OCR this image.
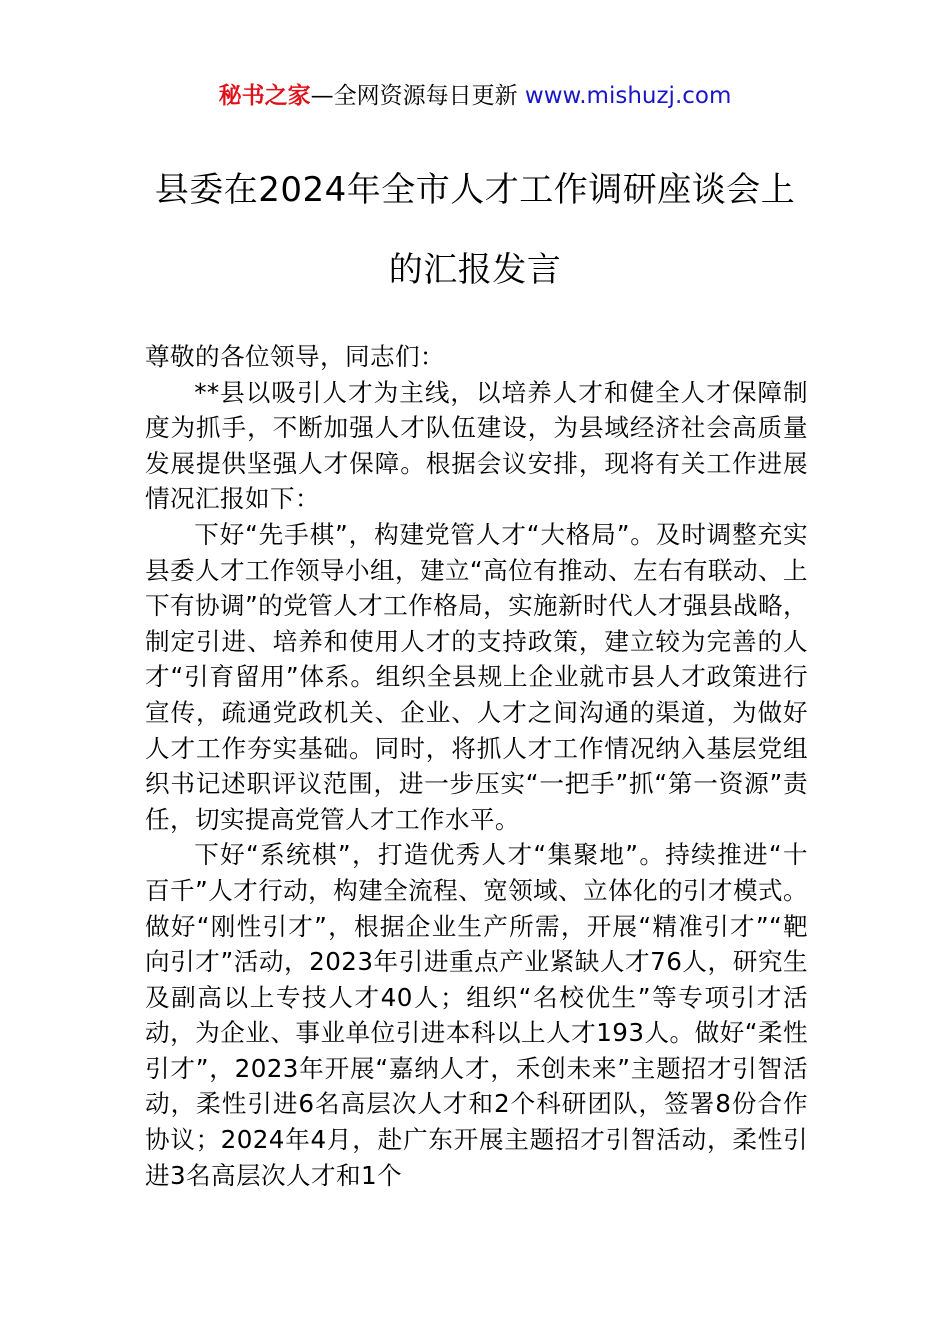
秘书之家—全网资源每日更新 www.mishuzj.com
县委在2024年全市人才工作调研座谈会上
的汇报发言

尊敬的各位领导，同志们：

**县以吸引人才为主线，以培养人才和健全人才保障制度为抓手，不断加强人才队伍建设，为县域经济社会高质量发展提供坚强人才保障。根据会议安排，现将有关工作进展情况汇报如下：

下好“先手棋”，构建党管人才“大格局”。及时调整充实县委人才工作领导小组，建立“高位有推动、左右有联动、上下有协调”的党管人才工作格局，实施新时代人才强县战略，制定引进、培养和使用人才的支持政策，建立较为完善的人才“引育留用”体系。组织全县规上企业就市县人才政策进行宣传，疏通党政机关、企业、人才之间沟通的渠道，为做好人才工作夯实基础。同时，将抓人才工作情况纳入基层党组织书记述职评议范围，进一步压实“一把手”抓“第一资源”责任，切实提高党管人才工作水平。

下好“系统棋”，打造优秀人才“集聚地”。持续推进“十百千”人才行动，构建全流程、宽领域、立体化的引才模式。做好“刚性引才”，根据企业生产所需，开展“精准引才”“靶向引才”活动，2023年引进重点产业紧缺人才76人，研究生及副高以上专技人才40人；组织“名校优生”等专项引才活动，为企业、事业单位引进本科以上人才193人。做好“柔性引才”，2023年开展“嘉纳人才，禾创未来”主题招才引智活动，柔性引进6名高层次人才和2个科研团队，签署8份合作协议；2024年4月，赴广东开展主题招才引智活动，柔性引进3名高层次人才和1个
